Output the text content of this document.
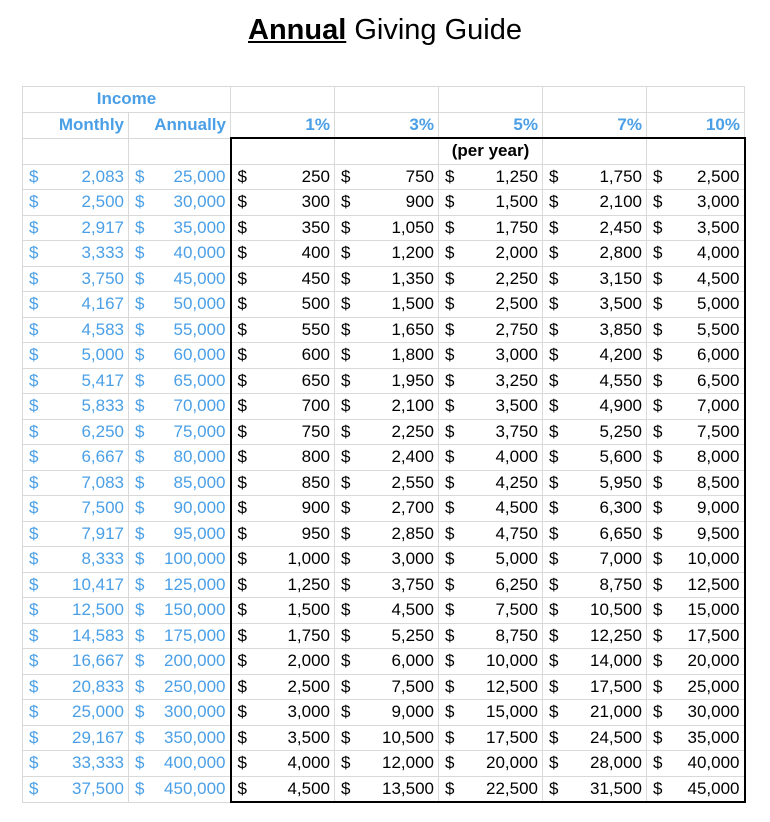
Annual Giving Guide
Income						
Monthly	Annually	1%	3%	5%	7%	10%
				(per year)		

$ 2,083	$ 25,000	$ 250	$ 750	$ 1,250	$ 1,750	$ 2,500

$ 2,500	$ 30,000	$ 300	$ 900	$ 1,500	$ 2,100	$ 3,000

$ 2,917	$ 35,000	$ 350	$ 1,050	$ 1,750	$ 2,450	$ 3,500

$ 3,333	$ 40,000	$ 400	$ 1,200	$ 2,000	$ 2,800	$ 4,000

$ 3,750	$ 45,000	$ 450	$ 1,350	$ 2,250	$ 3,150	$ 4,500

$ 4,167	$ 50,000	$ 500	$ 1,500	$ 2,500	$ 3,500	$ 5,000

$ 4,583	$ 55,000	$ 550	$ 1,650	$ 2,750	$ 3,850	$ 5,500

$ 5,000	$ 60,000	$ 600	$ 1,800	$ 3,000	$ 4,200	$ 6,000

$ 5,417	$ 65,000	$ 650	$ 1,950	$ 3,250	$ 4,550	$ 6,500

$ 5,833	$ 70,000	$ 700	$ 2,100	$ 3,500	$ 4,900	$ 7,000

$ 6,250	$ 75,000	$ 750	$ 2,250	$ 3,750	$ 5,250	$ 7,500

$ 6,667	$ 80,000	$ 800	$ 2,400	$ 4,000	$ 5,600	$ 8,000

$ 7,083	$ 85,000	$ 850	$ 2,550	$ 4,250	$ 5,950	$ 8,500

$ 7,500	$ 90,000	$ 900	$ 2,700	$ 4,500	$ 6,300	$ 9,000

$ 7,917	$ 95,000	$ 950	$ 2,850	$ 4,750	$ 6,650	$ 9,500

$ 8,333	$ 100,000	$ 1,000	$ 3,000	$ 5,000	$ 7,000	$ 10,000

$ 10,417	$ 125,000	$ 1,250	$ 3,750	$ 6,250	$ 8,750	$ 12,500

$ 12,500	$ 150,000	$ 1,500	$ 4,500	$ 7,500	$ 10,500	$ 15,000

$ 14,583	$ 175,000	$ 1,750	$ 5,250	$ 8,750	$ 12,250	$ 17,500

$ 16,667	$ 200,000	$ 2,000	$ 6,000	$ 10,000	$ 14,000	$ 20,000

$ 20,833	$ 250,000	$ 2,500	$ 7,500	$ 12,500	$ 17,500	$ 25,000

$ 25,000	$ 300,000	$ 3,000	$ 9,000	$ 15,000	$ 21,000	$ 30,000

$ 29,167	$ 350,000	$ 3,500	$ 10,500	$ 17,500	$ 24,500	$ 35,000

$ 33,333	$ 400,000	$ 4,000	$ 12,000	$ 20,000	$ 28,000	$ 40,000

$ 37,500	$ 450,000	$ 4,500	$ 13,500	$ 22,500	$ 31,500	$ 45,000
